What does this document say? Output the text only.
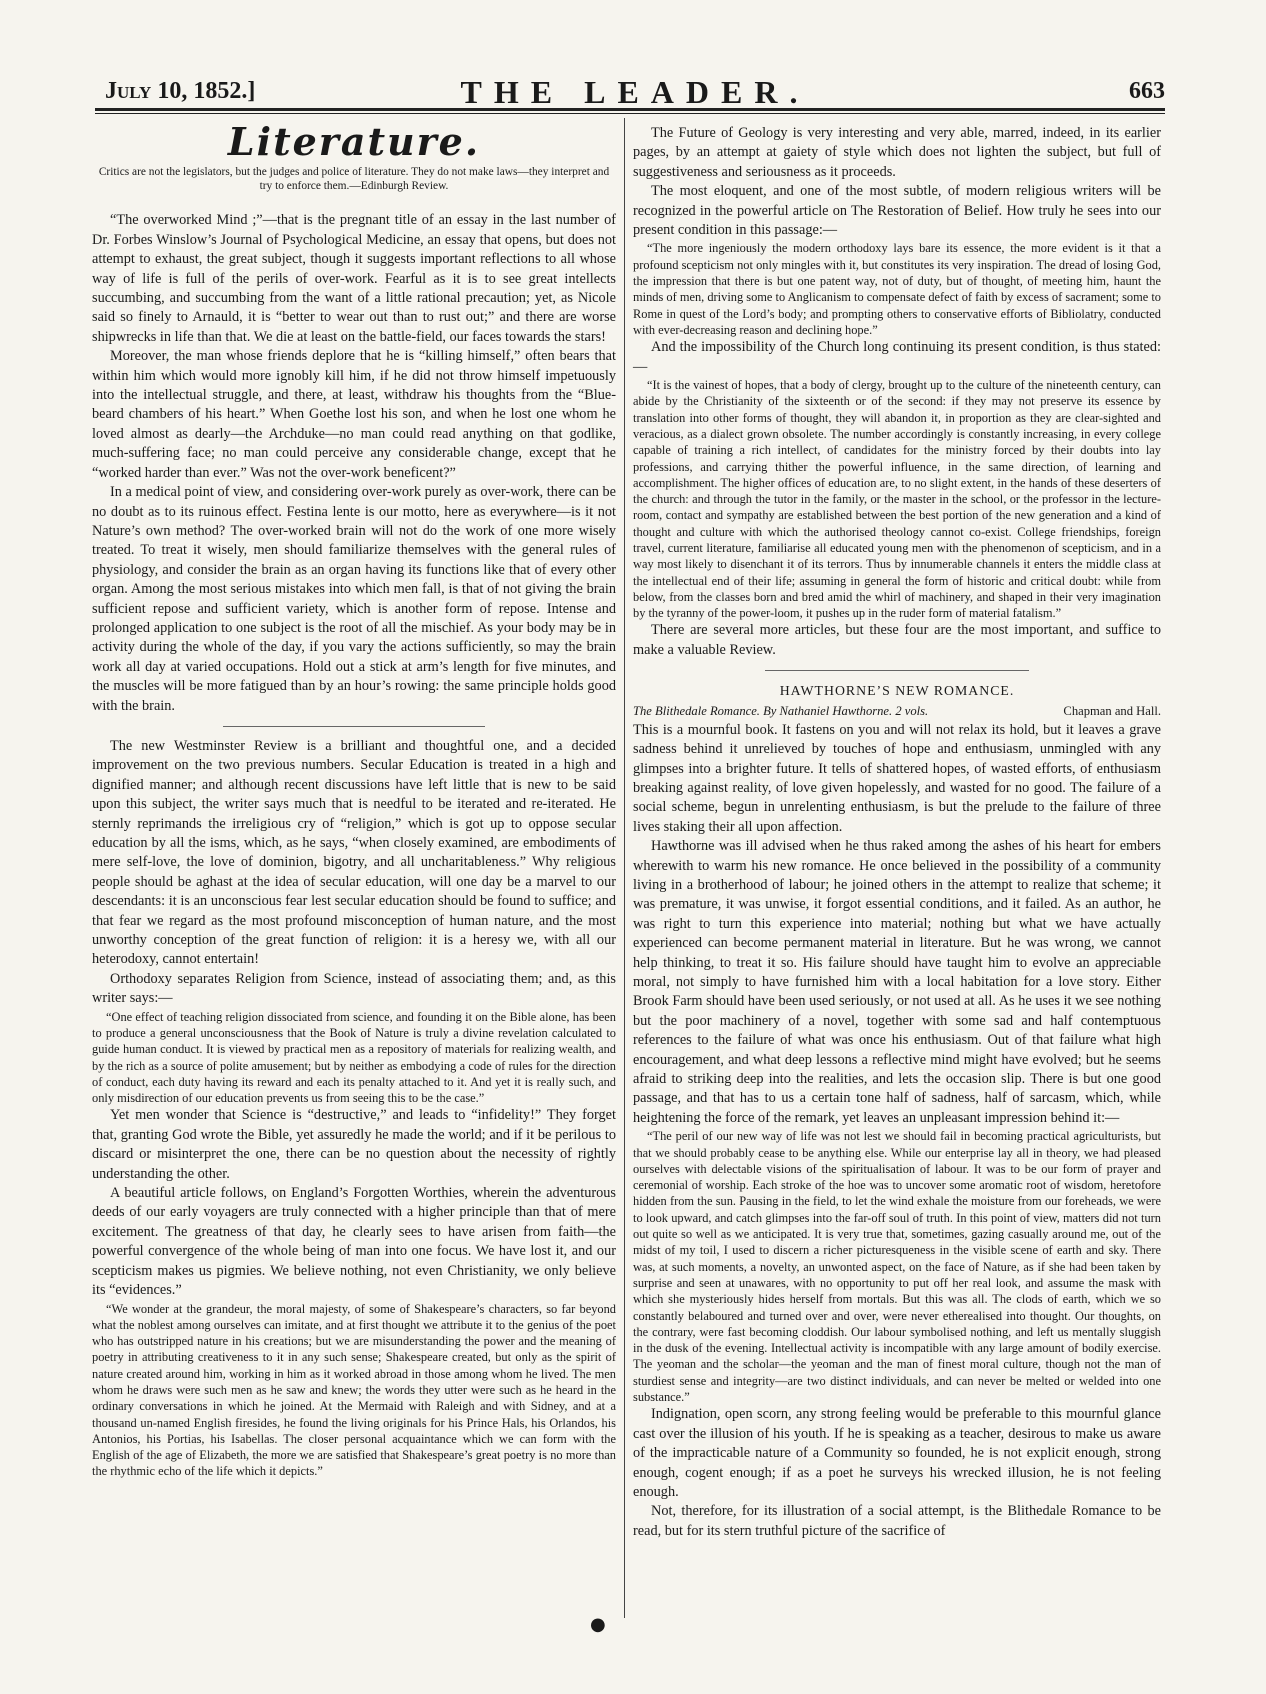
July 10, 1852.]	THE LEADER.	663
Literature.
Critics are not the legislators, but the judges and police of literature. They do not make laws—they interpret and try to enforce them.—Edinburgh Review.

“The overworked Mind ;”—that is the pregnant title of an essay in the last number of Dr. Forbes Winslow’s Journal of Psychological Medicine, an essay that opens, but does not attempt to exhaust, the great subject, though it suggests important reflections to all whose way of life is full of the perils of over-work. Fearful as it is to see great intellects succumbing, and succumbing from the want of a little rational precaution; yet, as Nicole said so finely to Arnauld, it is “better to wear out than to rust out;” and there are worse shipwrecks in life than that. We die at least on the battle-field, our faces towards the stars!

Moreover, the man whose friends deplore that he is “killing himself,” often bears that within him which would more ignobly kill him, if he did not throw himself impetuously into the intellectual struggle, and there, at least, withdraw his thoughts from the “Blue-beard chambers of his heart.” When Goethe lost his son, and when he lost one whom he loved almost as dearly—the Archduke—no man could read anything on that godlike, much-suffering face; no man could perceive any considerable change, except that he “worked harder than ever.” Was not the over-work beneficent?”

In a medical point of view, and considering over-work purely as over-work, there can be no doubt as to its ruinous effect. Festina lente is our motto, here as everywhere—is it not Nature’s own method? The over-worked brain will not do the work of one more wisely treated. To treat it wisely, men should familiarize themselves with the general rules of physiology, and consider the brain as an organ having its functions like that of every other organ. Among the most serious mistakes into which men fall, is that of not giving the brain sufficient repose and sufficient variety, which is another form of repose. Intense and prolonged application to one subject is the root of all the mischief. As your body may be in activity during the whole of the day, if you vary the actions sufficiently, so may the brain work all day at varied occupations. Hold out a stick at arm’s length for five minutes, and the muscles will be more fatigued than by an hour’s rowing: the same principle holds good with the brain.

The new Westminster Review is a brilliant and thoughtful one, and a decided improvement on the two previous numbers. Secular Education is treated in a high and dignified manner; and although recent discussions have left little that is new to be said upon this subject, the writer says much that is needful to be iterated and re-iterated. He sternly reprimands the irreligious cry of “religion,” which is got up to oppose secular education by all the isms, which, as he says, “when closely examined, are embodiments of mere self-love, the love of dominion, bigotry, and all uncharitableness.” Why religious people should be aghast at the idea of secular education, will one day be a marvel to our descendants: it is an unconscious fear lest secular education should be found to suffice; and that fear we regard as the most profound misconception of human nature, and the most unworthy conception of the great function of religion: it is a heresy we, with all our heterodoxy, cannot entertain!

Orthodoxy separates Religion from Science, instead of associating them; and, as this writer says:—

“One effect of teaching religion dissociated from science, and founding it on the Bible alone, has been to produce a general unconsciousness that the Book of Nature is truly a divine revelation calculated to guide human conduct. It is viewed by practical men as a repository of materials for realizing wealth, and by the rich as a source of polite amusement; but by neither as embodying a code of rules for the direction of conduct, each duty having its reward and each its penalty attached to it. And yet it is really such, and only misdirection of our education prevents us from seeing this to be the case.”

Yet men wonder that Science is “destructive,” and leads to “infidelity!” They forget that, granting God wrote the Bible, yet assuredly he made the world; and if it be perilous to discard or misinterpret the one, there can be no question about the necessity of rightly understanding the other.

A beautiful article follows, on England’s Forgotten Worthies, wherein the adventurous deeds of our early voyagers are truly connected with a higher principle than that of mere excitement. The greatness of that day, he clearly sees to have arisen from faith—the powerful convergence of the whole being of man into one focus. We have lost it, and our scepticism makes us pigmies. We believe nothing, not even Christianity, we only believe its “evidences.”

“We wonder at the grandeur, the moral majesty, of some of Shakespeare’s characters, so far beyond what the noblest among ourselves can imitate, and at first thought we attribute it to the genius of the poet who has outstripped nature in his creations; but we are misunderstanding the power and the meaning of poetry in attributing creativeness to it in any such sense; Shakespeare created, but only as the spirit of nature created around him, working in him as it worked abroad in those among whom he lived. The men whom he draws were such men as he saw and knew; the words they utter were such as he heard in the ordinary conversations in which he joined. At the Mermaid with Raleigh and with Sidney, and at a thousand un-named English firesides, he found the living originals for his Prince Hals, his Orlandos, his Antonios, his Portias, his Isabellas. The closer personal acquaintance which we can form with the English of the age of Elizabeth, the more we are satisfied that Shakespeare’s great poetry is no more than the rhythmic echo of the life which it depicts.”

The Future of Geology is very interesting and very able, marred, indeed, in its earlier pages, by an attempt at gaiety of style which does not lighten the subject, but full of suggestiveness and seriousness as it proceeds.

The most eloquent, and one of the most subtle, of modern religious writers will be recognized in the powerful article on The Restoration of Belief. How truly he sees into our present condition in this passage:—

“The more ingeniously the modern orthodoxy lays bare its essence, the more evident is it that a profound scepticism not only mingles with it, but constitutes its very inspiration. The dread of losing God, the impression that there is but one patent way, not of duty, but of thought, of meeting him, haunt the minds of men, driving some to Anglicanism to compensate defect of faith by excess of sacrament; some to Rome in quest of the Lord’s body; and prompting others to conservative efforts of Bibliolatry, conducted with ever-decreasing reason and declining hope.”

And the impossibility of the Church long continuing its present condition, is thus stated:—

“It is the vainest of hopes, that a body of clergy, brought up to the culture of the nineteenth century, can abide by the Christianity of the sixteenth or of the second: if they may not preserve its essence by translation into other forms of thought, they will abandon it, in proportion as they are clear-sighted and veracious, as a dialect grown obsolete. The number accordingly is constantly increasing, in every college capable of training a rich intellect, of candidates for the ministry forced by their doubts into lay professions, and carrying thither the powerful influence, in the same direction, of learning and accomplishment. The higher offices of education are, to no slight extent, in the hands of these deserters of the church: and through the tutor in the family, or the master in the school, or the professor in the lecture-room, contact and sympathy are established between the best portion of the new generation and a kind of thought and culture with which the authorised theology cannot co-exist. College friendships, foreign travel, current literature, familiarise all educated young men with the phenomenon of scepticism, and in a way most likely to disenchant it of its terrors. Thus by innumerable channels it enters the middle class at the intellectual end of their life; assuming in general the form of historic and critical doubt: while from below, from the classes born and bred amid the whirl of machinery, and shaped in their very imagination by the tyranny of the power-loom, it pushes up in the ruder form of material fatalism.”

There are several more articles, but these four are the most important, and suffice to make a valuable Review.

HAWTHORNE’S NEW ROMANCE.
The Blithedale Romance. By Nathaniel Hawthorne. 2 vols.	Chapman and Hall.

This is a mournful book. It fastens on you and will not relax its hold, but it leaves a grave sadness behind it unrelieved by touches of hope and enthusiasm, unmingled with any glimpses into a brighter future. It tells of shattered hopes, of wasted efforts, of enthusiasm breaking against reality, of love given hopelessly, and wasted for no good. The failure of a social scheme, begun in unrelenting enthusiasm, is but the prelude to the failure of three lives staking their all upon affection.

Hawthorne was ill advised when he thus raked among the ashes of his heart for embers wherewith to warm his new romance. He once believed in the possibility of a community living in a brotherhood of labour; he joined others in the attempt to realize that scheme; it was premature, it was unwise, it forgot essential conditions, and it failed. As an author, he was right to turn this experience into material; nothing but what we have actually experienced can become permanent material in literature. But he was wrong, we cannot help thinking, to treat it so. His failure should have taught him to evolve an appreciable moral, not simply to have furnished him with a local habitation for a love story. Either Brook Farm should have been used seriously, or not used at all. As he uses it we see nothing but the poor machinery of a novel, together with some sad and half contemptuous references to the failure of what was once his enthusiasm. Out of that failure what high encouragement, and what deep lessons a reflective mind might have evolved; but he seems afraid to striking deep into the realities, and lets the occasion slip. There is but one good passage, and that has to us a certain tone half of sadness, half of sarcasm, which, while heightening the force of the remark, yet leaves an unpleasant impression behind it:—

“The peril of our new way of life was not lest we should fail in becoming practical agriculturists, but that we should probably cease to be anything else. While our enterprise lay all in theory, we had pleased ourselves with delectable visions of the spiritualisation of labour. It was to be our form of prayer and ceremonial of worship. Each stroke of the hoe was to uncover some aromatic root of wisdom, heretofore hidden from the sun. Pausing in the field, to let the wind exhale the moisture from our foreheads, we were to look upward, and catch glimpses into the far-off soul of truth. In this point of view, matters did not turn out quite so well as we anticipated. It is very true that, sometimes, gazing casually around me, out of the midst of my toil, I used to discern a richer picturesqueness in the visible scene of earth and sky. There was, at such moments, a novelty, an unwonted aspect, on the face of Nature, as if she had been taken by surprise and seen at unawares, with no opportunity to put off her real look, and assume the mask with which she mysteriously hides herself from mortals. But this was all. The clods of earth, which we so constantly belaboured and turned over and over, were never etherealised into thought. Our thoughts, on the contrary, were fast becoming cloddish. Our labour symbolised nothing, and left us mentally sluggish in the dusk of the evening. Intellectual activity is incompatible with any large amount of bodily exercise. The yeoman and the scholar—the yeoman and the man of finest moral culture, though not the man of sturdiest sense and integrity—are two distinct individuals, and can never be melted or welded into one substance.”

Indignation, open scorn, any strong feeling would be preferable to this mournful glance cast over the illusion of his youth. If he is speaking as a teacher, desirous to make us aware of the impracticable nature of a Community so founded, he is not explicit enough, strong enough, cogent enough; if as a poet he surveys his wrecked illusion, he is not feeling enough.

Not, therefore, for its illustration of a social attempt, is the Blithedale Romance to be read, but for its stern truthful picture of the sacrifice of

●
